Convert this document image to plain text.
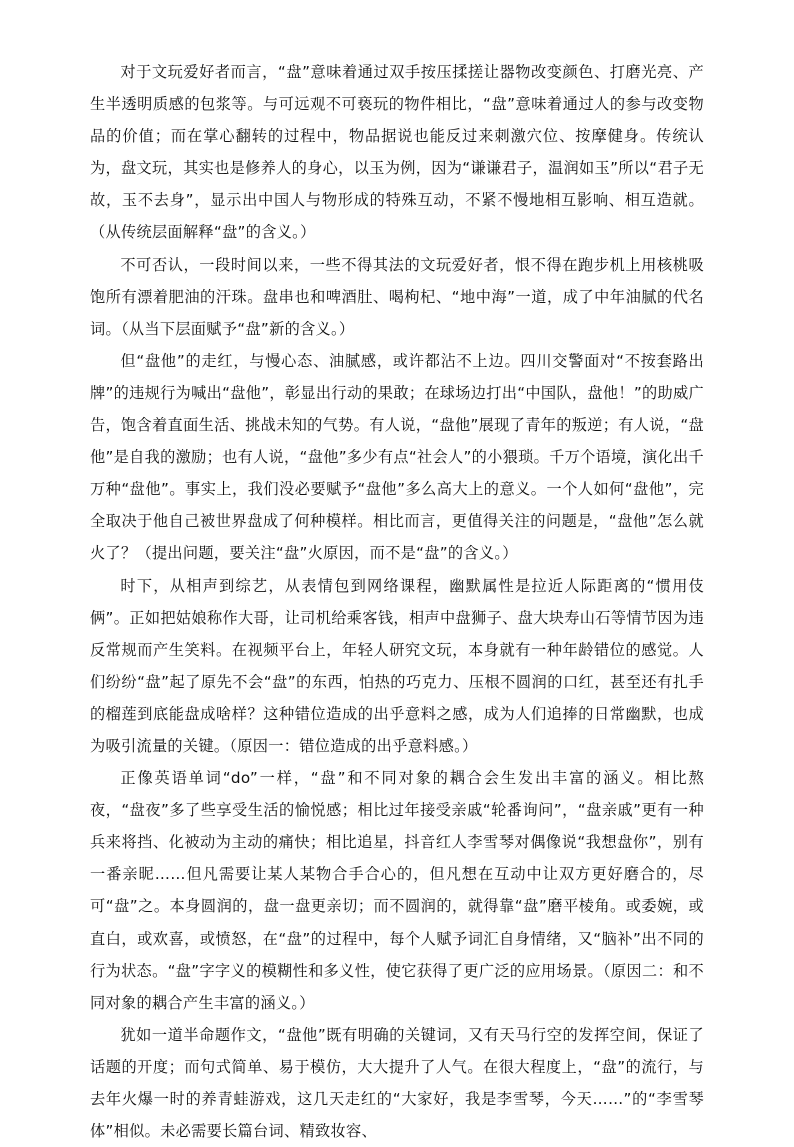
对于文玩爱好者而言，“盘”意味着通过双手按压揉搓让器物改变颜色、打磨光亮、产生半透明质感的包浆等。与可远观不可亵玩的物件相比，“盘”意味着通过人的参与改变物品的价值；而在掌心翻转的过程中，物品据说也能反过来刺激穴位、按摩健身。传统认为，盘文玩，其实也是修养人的身心，以玉为例，因为“谦谦君子，温润如玉”所以“君子无故，玉不去身”，显示出中国人与物形成的特殊互动，不紧不慢地相互影响、相互造就。（从传统层面解释“盘”的含义。）

不可否认，一段时间以来，一些不得其法的文玩爱好者，恨不得在跑步机上用核桃吸饱所有漂着肥油的汗珠。盘串也和啤酒肚、喝枸杞、“地中海”一道，成了中年油腻的代名词。（从当下层面赋予“盘”新的含义。）

但“盘他”的走红，与慢心态、油腻感，或许都沾不上边。四川交警面对“不按套路出牌”的违规行为喊出“盘他”，彰显出行动的果敢；在球场边打出“中国队，盘他！”的助威广告，饱含着直面生活、挑战未知的气势。有人说，“盘他”展现了青年的叛逆；有人说，“盘他”是自我的激励；也有人说，“盘他”多少有点“社会人”的小猥琐。千万个语境，演化出千万种“盘他”。事实上，我们没必要赋予“盘他”多么高大上的意义。一个人如何“盘他”，完全取决于他自己被世界盘成了何种模样。相比而言，更值得关注的问题是，“盘他”怎么就火了？（提出问题，要关注“盘”火原因，而不是“盘”的含义。）

时下，从相声到综艺，从表情包到网络课程，幽默属性是拉近人际距离的“惯用伎俩”。正如把姑娘称作大哥，让司机给乘客钱，相声中盘狮子、盘大块寿山石等情节因为违反常规而产生笑料。在视频平台上，年轻人研究文玩，本身就有一种年龄错位的感觉。人们纷纷“盘”起了原先不会“盘”的东西，怕热的巧克力、压根不圆润的口红，甚至还有扎手的榴莲到底能盘成啥样？这种错位造成的出乎意料之感，成为人们追捧的日常幽默，也成为吸引流量的关键。（原因一：错位造成的出乎意料感。）

正像英语单词“do”一样，“盘”和不同对象的耦合会生发出丰富的涵义。相比熬夜，“盘夜”多了些享受生活的愉悦感；相比过年接受亲戚“轮番询问”，“盘亲戚”更有一种兵来将挡、化被动为主动的痛快；相比追星，抖音红人李雪琴对偶像说“我想盘你”，别有一番亲昵……但凡需要让某人某物合手合心的，但凡想在互动中让双方更好磨合的，尽可“盘”之。本身圆润的，盘一盘更亲切；而不圆润的，就得靠“盘”磨平棱角。或委婉，或直白，或欢喜，或愤怒，在“盘”的过程中，每个人赋予词汇自身情绪，又“脑补”出不同的行为状态。“盘”字字义的模糊性和多义性，使它获得了更广泛的应用场景。（原因二：和不同对象的耦合产生丰富的涵义。）

犹如一道半命题作文，“盘他”既有明确的关键词，又有天马行空的发挥空间，保证了话题的开度；而句式简单、易于模仿，大大提升了人气。在很大程度上，“盘”的流行，与去年火爆一时的养青蛙游戏，这几天走红的“大家好，我是李雪琴，今天……”的“李雪琴体”相似。未必需要长篇台词、精致妆容、
